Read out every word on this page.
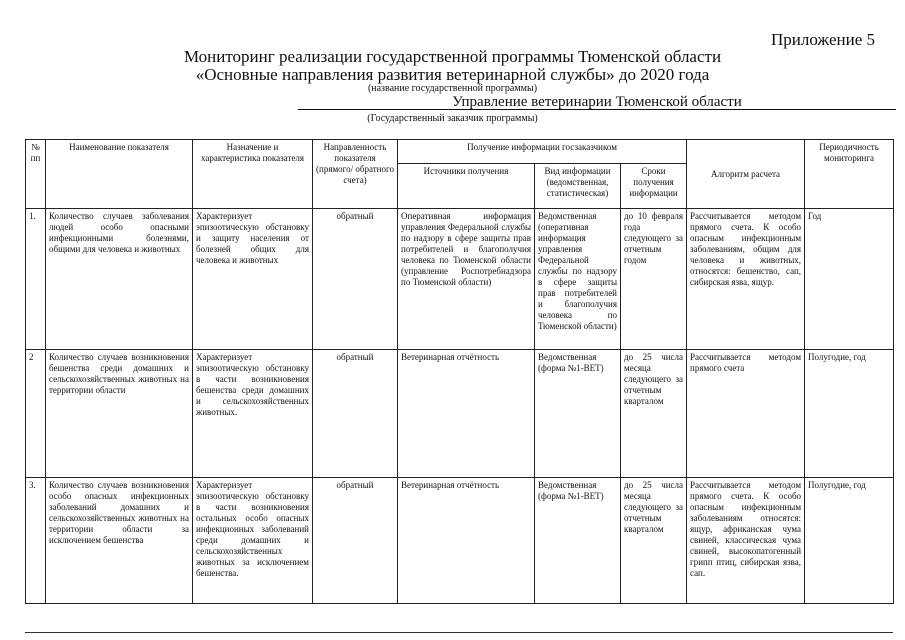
Приложение 5
Мониторинг реализации государственной программы Тюменской области
«Основные направления развития ветеринарной службы» до 2020 года
(название государственной программы)
Управление ветеринарии Тюменской области
(Государственный заказчик программы)
№ пп	Наименование показателя	Назначение и характеристика показателя	Направленность показателя (прямого/ обратного счета)	Получение информации госзаказчиком			Алгоритм расчета	Периодичность мониторинга
				Источники получения	Вид информации (ведомственная, статистическая)	Сроки получения информации		
1.	Количество случаев заболевания людей особо опасными инфекционными болезнями, общими для человека и животных	Характеризует эпизоотическую обстановку и защиту населения от болезней общих для человека и животных	обратный	Оперативная информация управления Федеральной службы по надзору в сфере защиты прав потребителей и благополучия человека по Тюменской области (управление Роспотребнадзора по Тюменской области)	Ведомственная (оперативная информация управления Федеральной службы по надзору в сфере защиты прав потребителей и благополучия человека по Тюменской области)	до 10 февраля года следующего за отчетным годом	Рассчитывается методом прямого счета. К особо опасным инфекционным заболеваниям, общим для человека и животных, относятся: бешенство, сап, сибирская язва, ящур.	Год
2	Количество случаев возникновения бешенства среди домашних и сельскохозяйственных животных на территории области	Характеризует эпизоотическую обстановку в части возникновения бешенства среди домашних и сельскохозяйственных животных.	обратный	Ветеринарная отчётность	Ведомственная (форма №1-ВЕТ)	до 25 числа месяца следующего за отчетным кварталом	Рассчитывается методом прямого счета	Полугодие, год
3.	Количество случаев возникновения особо опасных инфекционных заболеваний домашних и сельскохозяйственных животных на территории области за исключением бешенства	Характеризует эпизоотическую обстановку в части возникновения остальных особо опасных инфекционных заболеваний среди домашних и сельскохозяйственных животных за исключением бешенства.	обратный	Ветеринарная отчётность	Ведомственная (форма №1-ВЕТ)	до 25 числа месяца следующего за отчетным кварталом	Рассчитывается методом прямого счета. К особо опасным инфекционным заболеваниям относятся: ящур, африканская чума свиней, классическая чума свиней, высокопатогенный грипп птиц, сибирская язва, сап.	Полугодие, год
